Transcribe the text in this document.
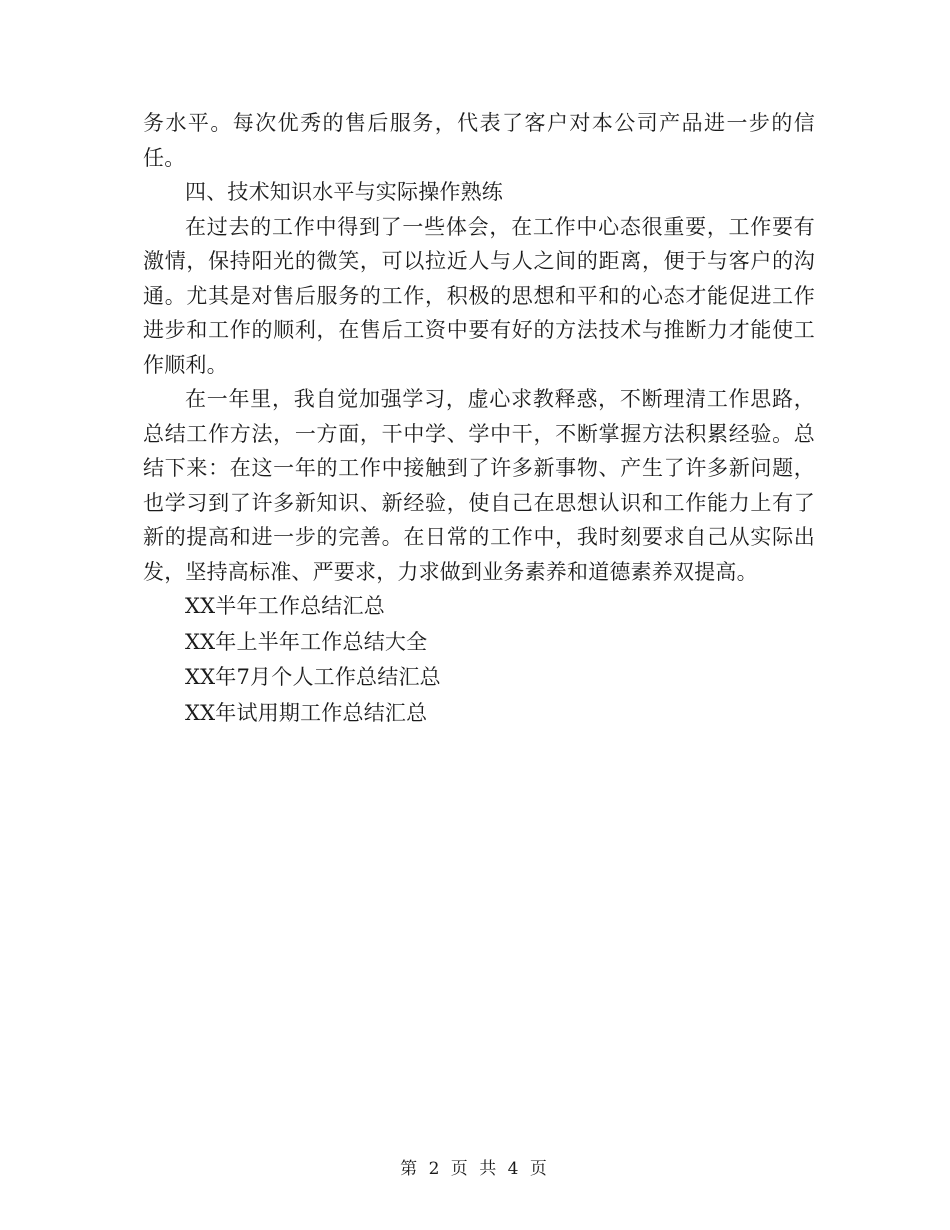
务水平。每次优秀的售后服务，代表了客户对本公司产品进一步的信任。

四、技术知识水平与实际操作熟练

在过去的工作中得到了一些体会，在工作中心态很重要，工作要有激情，保持阳光的微笑，可以拉近人与人之间的距离，便于与客户的沟通。尤其是对售后服务的工作，积极的思想和平和的心态才能促进工作进步和工作的顺利，在售后工资中要有好的方法技术与推断力才能使工作顺利。

在一年里，我自觉加强学习，虚心求教释惑，不断理清工作思路，总结工作方法，一方面，干中学、学中干，不断掌握方法积累经验。总结下来：在这一年的工作中接触到了许多新事物、产生了许多新问题，也学习到了许多新知识、新经验，使自己在思想认识和工作能力上有了新的提高和进一步的完善。在日常的工作中，我时刻要求自己从实际出发，坚持高标准、严要求，力求做到业务素养和道德素养双提高。

XX半年工作总结汇总

XX年上半年工作总结大全

XX年7月个人工作总结汇总

XX年试用期工作总结汇总

第 2 页 共 4 页
